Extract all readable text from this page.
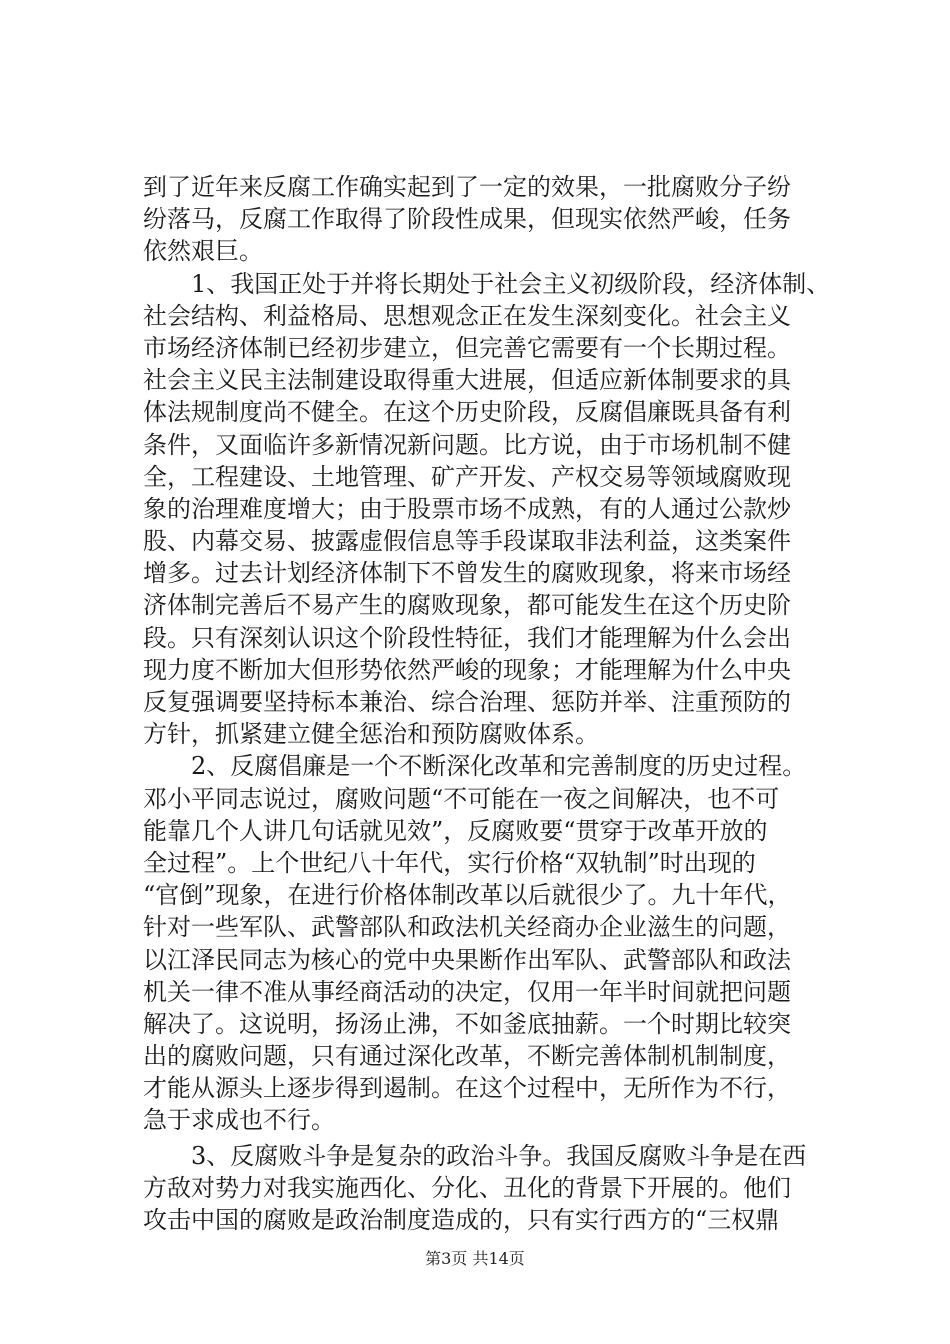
到了近年来反腐工作确实起到了一定的效果，一批腐败分子纷
纷落马，反腐工作取得了阶段性成果，但现实依然严峻，任务
依然艰巨。
　　1、我国正处于并将长期处于社会主义初级阶段，经济体制、
社会结构、利益格局、思想观念正在发生深刻变化。社会主义
市场经济体制已经初步建立，但完善它需要有一个长期过程。
社会主义民主法制建设取得重大进展，但适应新体制要求的具
体法规制度尚不健全。在这个历史阶段，反腐倡廉既具备有利
条件，又面临许多新情况新问题。比方说，由于市场机制不健
全，工程建设、土地管理、矿产开发、产权交易等领域腐败现
象的治理难度增大；由于股票市场不成熟，有的人通过公款炒
股、内幕交易、披露虚假信息等手段谋取非法利益，这类案件
增多。过去计划经济体制下不曾发生的腐败现象，将来市场经
济体制完善后不易产生的腐败现象，都可能发生在这个历史阶
段。只有深刻认识这个阶段性特征，我们才能理解为什么会出
现力度不断加大但形势依然严峻的现象；才能理解为什么中央
反复强调要坚持标本兼治、综合治理、惩防并举、注重预防的
方针，抓紧建立健全惩治和预防腐败体系。
　　2、反腐倡廉是一个不断深化改革和完善制度的历史过程。
邓小平同志说过，腐败问题“不可能在一夜之间解决，也不可
能靠几个人讲几句话就见效”，反腐败要“贯穿于改革开放的
全过程”。上个世纪八十年代，实行价格“双轨制”时出现的
“官倒”现象，在进行价格体制改革以后就很少了。九十年代，
针对一些军队、武警部队和政法机关经商办企业滋生的问题，
以江泽民同志为核心的党中央果断作出军队、武警部队和政法
机关一律不准从事经商活动的决定，仅用一年半时间就把问题
解决了。这说明，扬汤止沸，不如釜底抽薪。一个时期比较突
出的腐败问题，只有通过深化改革，不断完善体制机制制度，
才能从源头上逐步得到遏制。在这个过程中，无所作为不行，
急于求成也不行。
　　3、反腐败斗争是复杂的政治斗争。我国反腐败斗争是在西
方敌对势力对我实施西化、分化、丑化的背景下开展的。他们
攻击中国的腐败是政治制度造成的，只有实行西方的“三权鼎
第3页 共14页
